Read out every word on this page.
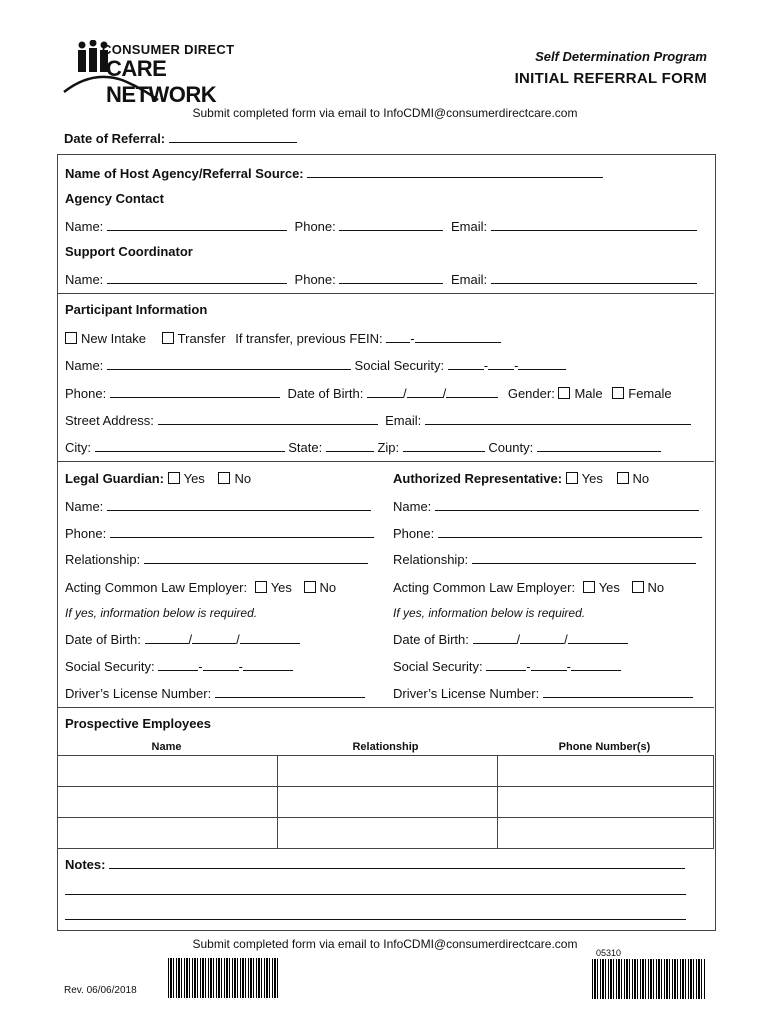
CONSUMER DIRECT
CARE NETWORK
Self Determination Program
INITIAL REFERRAL FORM
Submit completed form via email to InfoCDMI@consumerdirectcare.com
Date of Referral:
Name of Host Agency/Referral Source:
Agency Contact
Name:	Phone:	Email:
Support Coordinator
Name:	Phone:	Email:
Participant Information
New Intake Transfer If transfer, previous FEIN: -
Name:	Social Security:	- -
Phone:	Date of Birth:	/	/	Gender: Male Female
Street Address:	Email:
City:	State:	Zip:	County:
Legal Guardian: Yes No
Name:
Phone:
Relationship:
Acting Common Law Employer: Yes No
If yes, information below is required.
Date of Birth:	/	/
Social Security:	-	-
Driver’s License Number:
Authorized Representative: Yes No
Name:
Phone:
Relationship:
Acting Common Law Employer: Yes No
If yes, information below is required.
Date of Birth:	/	/
Social Security:	-	-
Driver’s License Number:
Prospective Employees
Name	Relationship	Phone Number(s)

Notes:
Submit completed form via email to InfoCDMI@consumerdirectcare.com
05310
Rev. 06/06/2018
